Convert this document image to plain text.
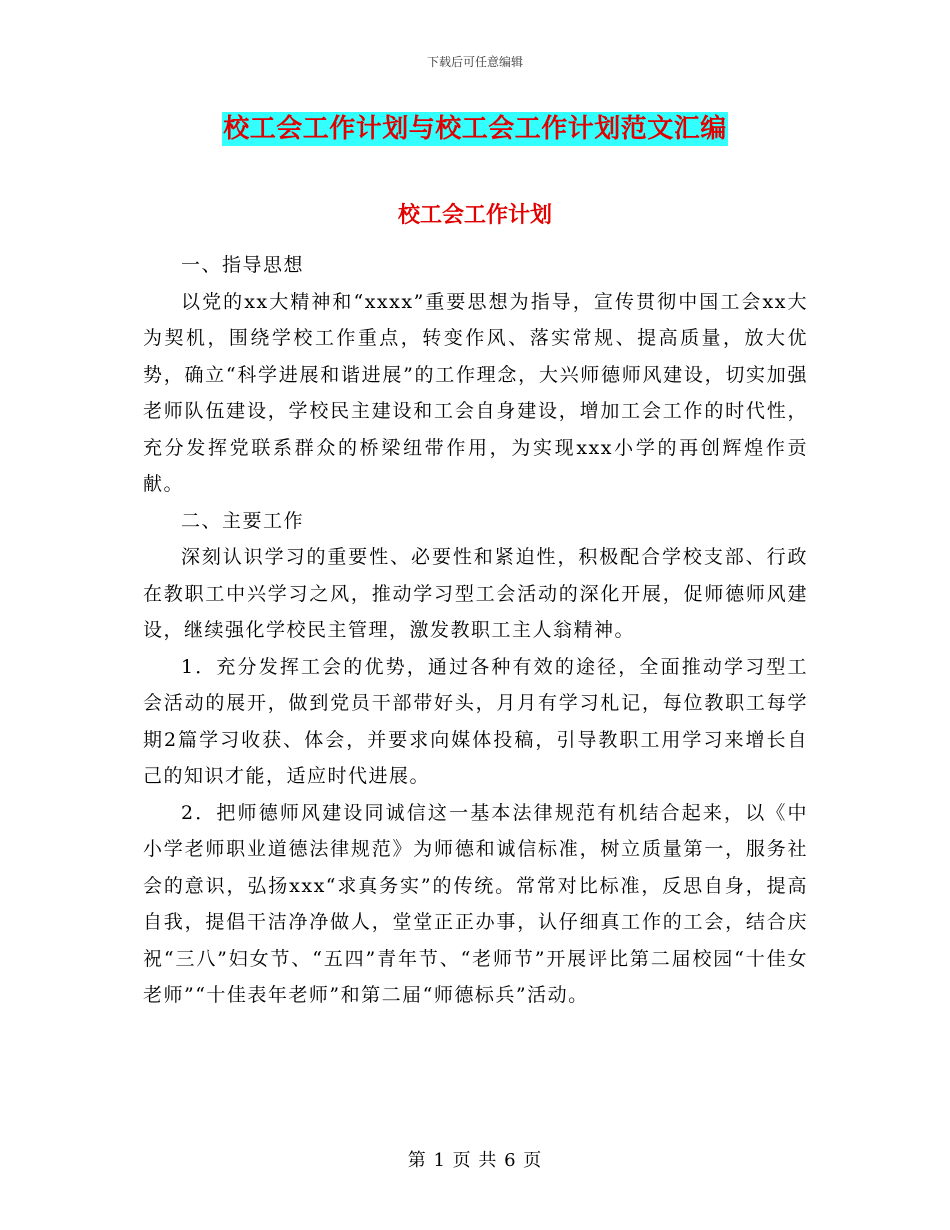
下载后可任意编辑
校工会工作计划与校工会工作计划范文汇编
校工会工作计划

一、指导思想

以党的xx大精神和“xxxx”重要思想为指导，宣传贯彻中国工会xx大为契机，围绕学校工作重点，转变作风、落实常规、提高质量，放大优势，确立“科学进展和谐进展”的工作理念，大兴师德师风建设，切实加强老师队伍建设，学校民主建设和工会自身建设，增加工会工作的时代性，充分发挥党联系群众的桥梁纽带作用，为实现xxx小学的再创辉煌作贡献。

二、主要工作

深刻认识学习的重要性、必要性和紧迫性，积极配合学校支部、行政在教职工中兴学习之风，推动学习型工会活动的深化开展，促师德师风建设，继续强化学校民主管理，激发教职工主人翁精神。

1．充分发挥工会的优势，通过各种有效的途径，全面推动学习型工会活动的展开，做到党员干部带好头，月月有学习札记，每位教职工每学期2篇学习收获、体会，并要求向媒体投稿，引导教职工用学习来增长自己的知识才能，适应时代进展。

2．把师德师风建设同诚信这一基本法律规范有机结合起来，以《中小学老师职业道德法律规范》为师德和诚信标准，树立质量第一，服务社会的意识，弘扬xxx“求真务实”的传统。常常对比标准，反思自身，提高自我，提倡干洁净净做人，堂堂正正办事，认仔细真工作的工会，结合庆祝“三八”妇女节、“五四”青年节、“老师节”开展评比第二届校园“十佳女老师”“十佳表年老师”和第二届“师德标兵”活动。

第 1 页 共 6 页
